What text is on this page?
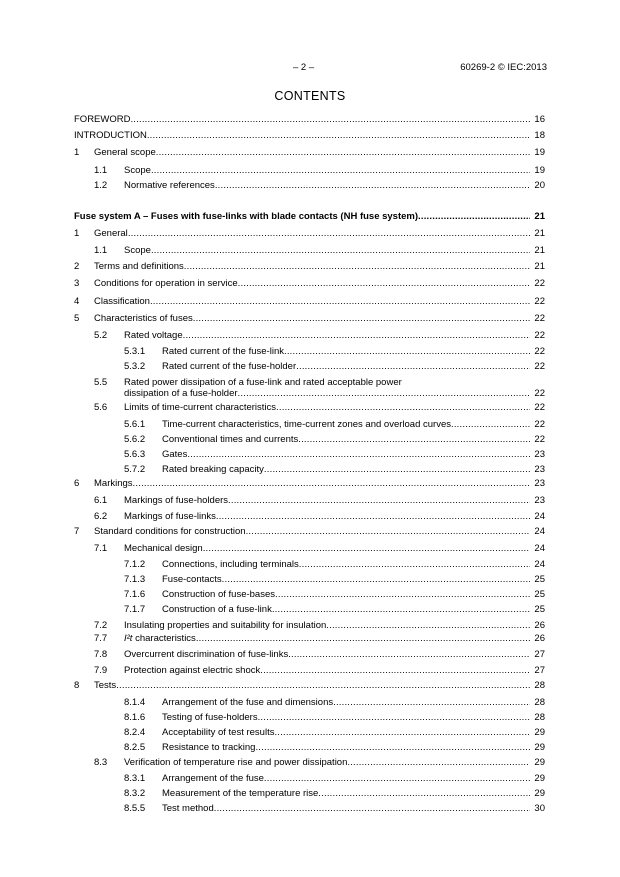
– 2 –	60269-2 © IEC:2013
CONTENTS
FOREWORD .....	16
INTRODUCTION .....	18
1 General scope .....	19
1.1 Scope .....	19
1.2 Normative references .....	20
Fuse system A – Fuses with fuse-links with blade contacts (NH fuse system) .....	21
1 General .....	21
1.1 Scope .....	21
2 Terms and definitions .....	21
3 Conditions for operation in service .....	22
4 Classification .....	22
5 Characteristics of fuses .....	22
5.2 Rated voltage .....	22
5.3.1 Rated current of the fuse-link .....	22
5.3.2 Rated current of the fuse-holder .....	22
5.5 Rated power dissipation of a fuse-link and rated acceptable power
dissipation of a fuse-holder .....	22
5.6 Limits of time-current characteristics .....	22
5.6.1 Time-current characteristics, time-current zones and overload curves .....	22
5.6.2 Conventional times and currents .....	22
5.6.3 Gates .....	23
5.7.2 Rated breaking capacity .....	23
6 Markings .....	23
6.1 Markings of fuse-holders .....	23
6.2 Markings of fuse-links .....	24
7 Standard conditions for construction .....	24
7.1 Mechanical design .....	24
7.1.2 Connections, including terminals .....	24
7.1.3 Fuse-contacts .....	25
7.1.6 Construction of fuse-bases .....	25
7.1.7 Construction of a fuse-link .....	25
7.2 Insulating properties and suitability for insulation .....	26
7.7 I²t characteristics .....	26
7.8 Overcurrent discrimination of fuse-links .....	27
7.9 Protection against electric shock .....	27
8 Tests .....	28
8.1.4 Arrangement of the fuse and dimensions .....	28
8.1.6 Testing of fuse-holders .....	28
8.2.4 Acceptability of test results .....	29
8.2.5 Resistance to tracking .....	29
8.3 Verification of temperature rise and power dissipation .....	29
8.3.1 Arrangement of the fuse .....	29
8.3.2 Measurement of the temperature rise .....	29
8.5.5 Test method .....	30
